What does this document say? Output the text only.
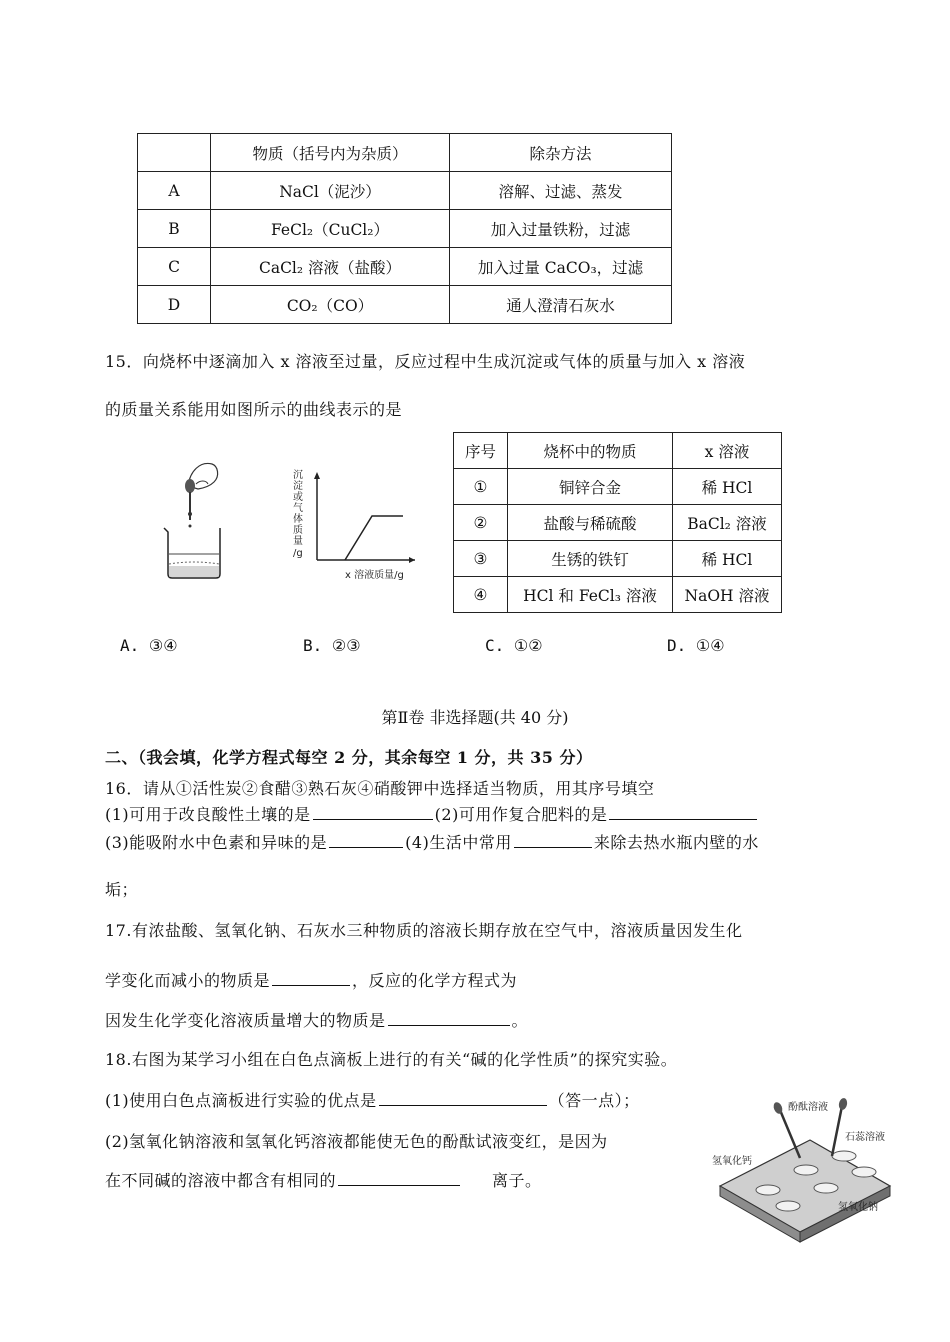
	物质（括号内为杂质）	除杂方法
A	NaCl（泥沙）	溶解、过滤、蒸发
B	FeCl₂（CuCl₂）	加入过量铁粉，过滤
C	CaCl₂ 溶液（盐酸）	加入过量 CaCO₃，过滤
D	CO₂（CO）	通人澄清石灰水
15．向烧杯中逐滴加入 x 溶液至过量，反应过程中生成沉淀或气体的质量与加入 x 溶液
的质量关系能用如图所示的曲线表示的是
沉
淀
或
气
体
质
量
/g
x 溶液质量/g
序号	烧杯中的物质	x 溶液
①	铜锌合金	稀 HCl
②	盐酸与稀硫酸	BaCl₂ 溶液
③	生锈的铁钉	稀 HCl
④	HCl 和 FeCl₃ 溶液	NaOH 溶液
A. ③④	B. ②③	C. ①②	D. ①④
第Ⅱ卷 非选择题(共 40 分)
二、（我会填，化学方程式每空 2 分，其余每空 1 分，共 35 分）
16．请从①活性炭②食醋③熟石灰④硝酸钾中选择适当物质，用其序号填空
(1)可用于改良酸性土壤的是	(2)可用作复合肥料的是
(3)能吸附水中色素和异味的是	(4)生活中常用	来除去热水瓶内壁的水
垢；
17.有浓盐酸、氢氧化钠、石灰水三种物质的溶液长期存放在空气中，溶液质量因发生化
学变化而减小的物质是	，反应的化学方程式为
因发生化学变化溶液质量增大的物质是	。
18.右图为某学习小组在白色点滴板上进行的有关“碱的化学性质”的探究实验。
(1)使用白色点滴板进行实验的优点是	（答一点）；
(2)氢氧化钠溶液和氢氧化钙溶液都能使无色的酚酞试液变红，是因为
在不同碱的溶液中都含有相同的	离子。
酚酞溶液
石蕊溶液
氢氧化钙
氢氧化钠
